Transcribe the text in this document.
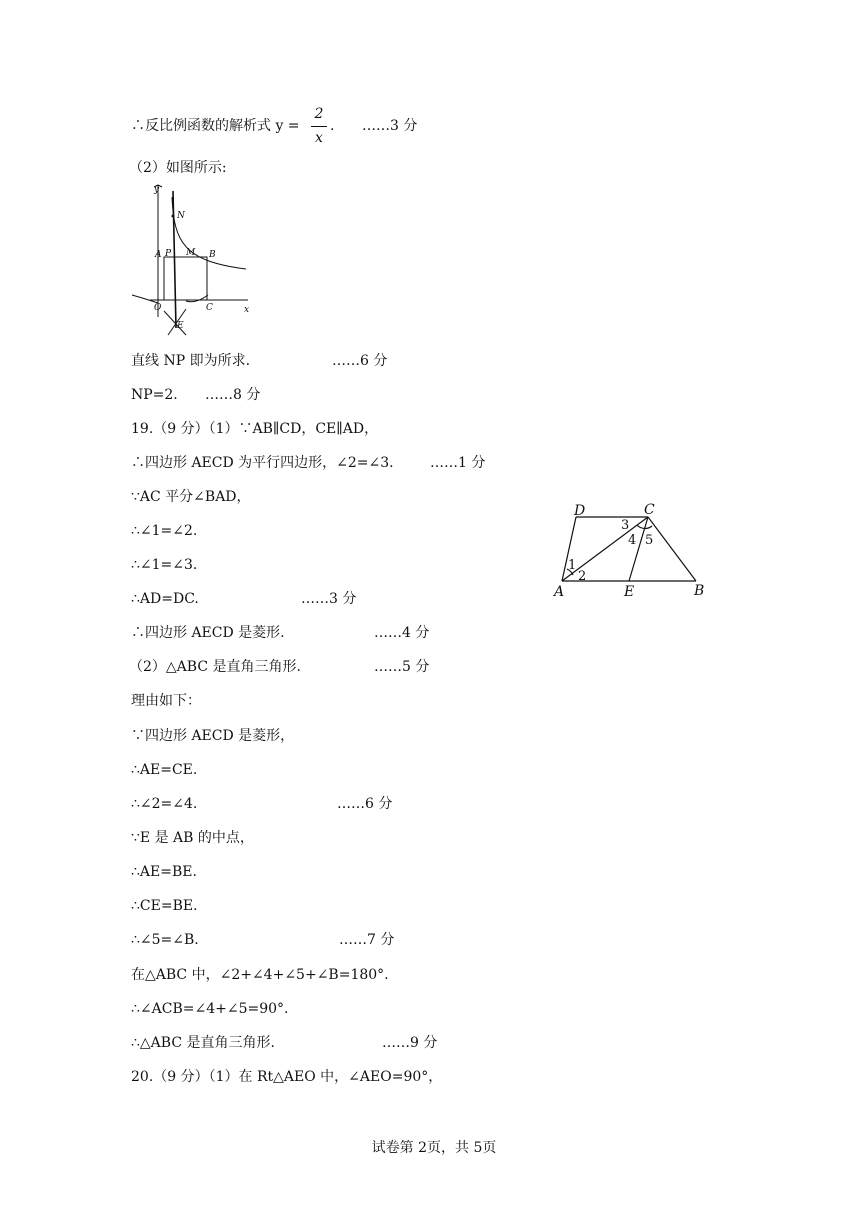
∴反比例函数的解析式 y =
2
x
. ……3 分
（2）如图所示:
y
x
N
A P M B
O	C
E
直线 NP 即为所求.	……6 分
NP=2. ……8 分
19.（9 分）（1）∵AB∥CD，CE∥AD，
∴四边形 AECD 为平行四边形，∠2=∠3.	……1 分
∵AC 平分∠BAD，
∴∠1=∠2.
∴∠1=∠3.
∴AD=DC.	……3 分
∴四边形 AECD 是菱形.	……4 分
（2）△ABC 是直角三角形.	……5 分
理由如下：
∵四边形 AECD 是菱形，
∴AE=CE.
∴∠2=∠4.	……6 分
∵E 是 AB 的中点，
∴AE=BE.
∴CE=BE.
∴∠5=∠B.	……7 分
在△ABC 中，∠2+∠4+∠5+∠B=180°.
∴∠ACB=∠4+∠5=90°.
∴△ABC 是直角三角形.	……9 分
20.（9 分）（1）在 Rt△AEO 中，∠AEO=90°，
D	C
A	E	B
1
2
3
4 5
试卷第 2页，共 5页
